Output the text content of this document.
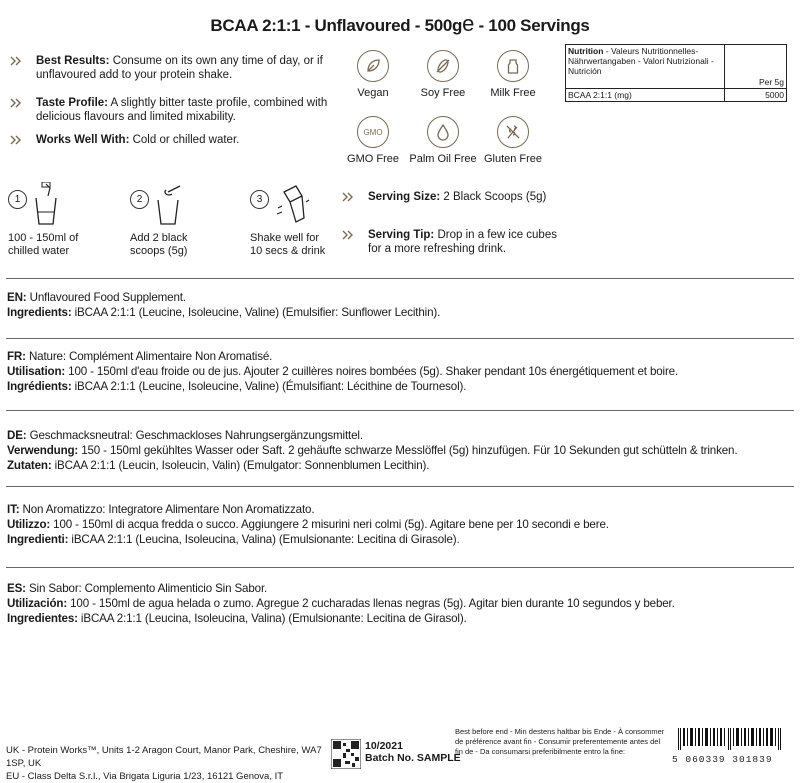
BCAA 2:1:1 - Unflavoured - 500ge - 100 Servings
Best Results: Consume on its own any time of day, or if unflavoured add to your protein shake.
Taste Profile: A slightly bitter taste profile, combined with delicious flavours and limited mixability.
Works Well With: Cold or chilled water.
Vegan	Soy Free	Milk Free
GMO
GMO Free Palm Oil Free Gluten Free
Nutrition - Valeurs Nutritionnelles-Nährwertangaben - Valori Nutrizionali - Nutrición	Per 5g
BCAA 2:1:1 (mg)	5000
1
100 - 150ml of
chilled water
2
Add 2 black
scoops (5g)
3
Shake well for
10 secs & drink
Serving Size: 2 Black Scoops (5g)
Serving Tip: Drop in a few ice cubes for a more refreshing drink.
EN: Unflavoured Food Supplement.
Ingredients: iBCAA 2:1:1 (Leucine, Isoleucine, Valine) (Emulsifier: Sunflower Lecithin).
FR: Nature: Complément Alimentaire Non Aromatisé.
Utilisation: 100 - 150ml d'eau froide ou de jus. Ajouter 2 cuillères noires bombées (5g). Shaker pendant 10s énergétiquement et boire.
Ingrédients: iBCAA 2:1:1 (Leucine, Isoleucine, Valine) (Émulsifiant: Lécithine de Tournesol).
DE: Geschmacksneutral: Geschmackloses Nahrungsergänzungsmittel.
Verwendung: 150 - 150ml gekühltes Wasser oder Saft. 2 gehäufte schwarze Messlöffel (5g) hinzufügen. Für 10 Sekunden gut schütteln & trinken.
Zutaten: iBCAA 2:1:1 (Leucin, Isoleucin, Valin) (Emulgator: Sonnenblumen Lecithin).
IT: Non Aromatizzo: Integratore Alimentare Non Aromatizzato.
Utilizzo: 100 - 150ml di acqua fredda o succo. Aggiungere 2 misurini neri colmi (5g). Agitare bene per 10 secondi e bere.
Ingredienti: iBCAA 2:1:1 (Leucina, Isoleucina, Valina) (Emulsionante: Lecitina di Girasole).
ES: Sin Sabor: Complemento Alimenticio Sin Sabor.
Utilización: 100 - 150ml de agua helada o zumo. Agregue 2 cucharadas llenas negras (5g). Agitar bien durante 10 segundos y beber.
Ingredientes: iBCAA 2:1:1 (Leucina, Isoleucina, Valina) (Emulsionante: Lecitina de Girasol).
UK - Protein Works™, Units 1-2 Aragon Court, Manor Park, Cheshire, WA7 1SP, UK
EU - Class Delta S.r.l., Via Brigata Liguria 1/23, 16121 Genova, IT
10/2021
Batch No. SAMPLE
Best before end - Min destens haltbar bis Ende - À consommer de préférence avant fin - Consumir preferentemente antes del fin de - Da consumarsi preferibilmente entro la fine:
5 060339 301839
